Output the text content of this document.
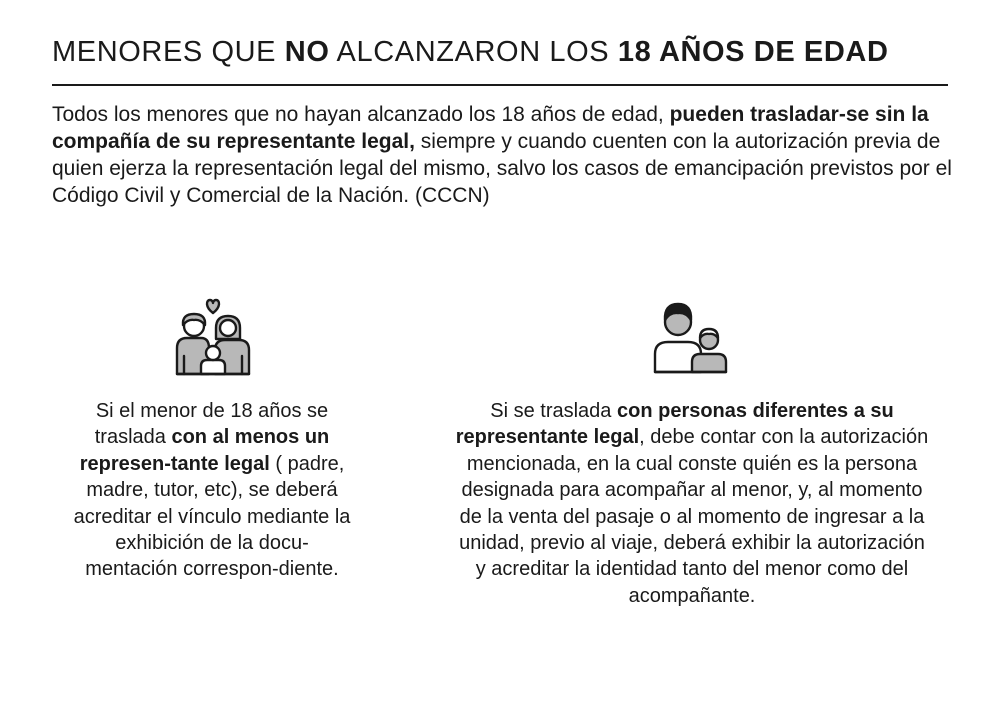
MENORES QUE NO ALCANZARON LOS 18 AÑOS DE EDAD

Todos los menores que no hayan alcanzado los 18 años de edad, pueden trasladar-se sin la compañía de su representante legal, siempre y cuando cuenten con la autorización previa de quien ejerza la representación legal del mismo, salvo los casos de emancipación previstos por el Código Civil y Comercial de la Nación. (CCCN)

Si el menor de 18 años se traslada con al menos un represen-tante legal ( padre, madre, tutor, etc), se deberá acreditar el vínculo mediante la exhibición de la docu-mentación correspon-diente.

Si se traslada con personas diferentes a su representante legal, debe contar con la autorización mencionada, en la cual conste quién es la persona designada para acompañar al menor, y, al momento de la venta del pasaje o al momento de ingresar a la unidad, previo al viaje, deberá exhibir la autorización y acreditar la identidad tanto del menor como del acompañante.
